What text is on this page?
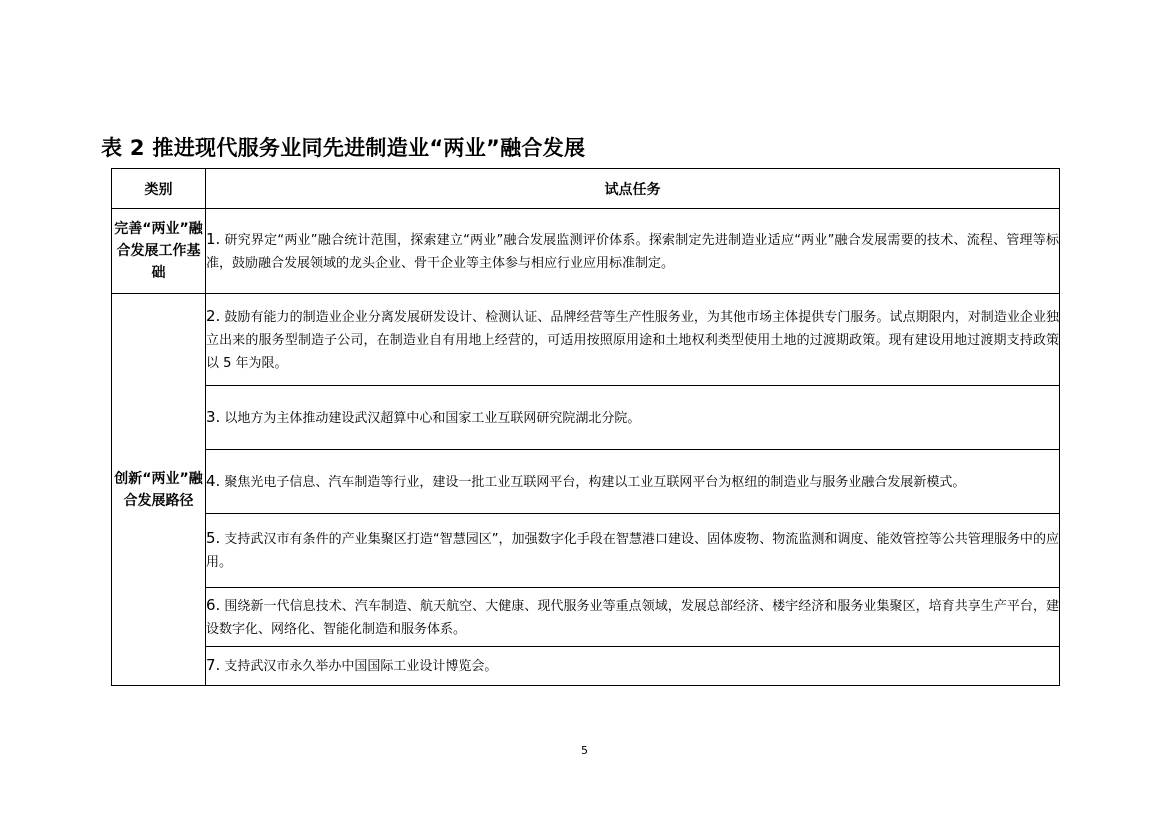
表 2 推进现代服务业同先进制造业“两业”融合发展
类别	试点任务
完善“两业”融合发展工作基础	1. 研究界定“两业”融合统计范围，探索建立“两业”融合发展监测评价体系。探索制定先进制造业适应“两业”融合发展需要的技术、流程、管理等标准，鼓励融合发展领域的龙头企业、骨干企业等主体参与相应行业应用标准制定。
创新“两业”融合发展路径	2. 鼓励有能力的制造业企业分离发展研发设计、检测认证、品牌经营等生产性服务业，为其他市场主体提供专门服务。试点期限内，对制造业企业独立出来的服务型制造子公司，在制造业自有用地上经营的，可适用按照原用途和土地权利类型使用土地的过渡期政策。现有建设用地过渡期支持政策以 5 年为限。
	3. 以地方为主体推动建设武汉超算中心和国家工业互联网研究院湖北分院。
	4. 聚焦光电子信息、汽车制造等行业，建设一批工业互联网平台，构建以工业互联网平台为枢纽的制造业与服务业融合发展新模式。
	5. 支持武汉市有条件的产业集聚区打造“智慧园区”，加强数字化手段在智慧港口建设、固体废物、物流监测和调度、能效管控等公共管理服务中的应用。
	6. 围绕新一代信息技术、汽车制造、航天航空、大健康、现代服务业等重点领域，发展总部经济、楼宇经济和服务业集聚区，培育共享生产平台，建设数字化、网络化、智能化制造和服务体系。
	7. 支持武汉市永久举办中国国际工业设计博览会。
5
